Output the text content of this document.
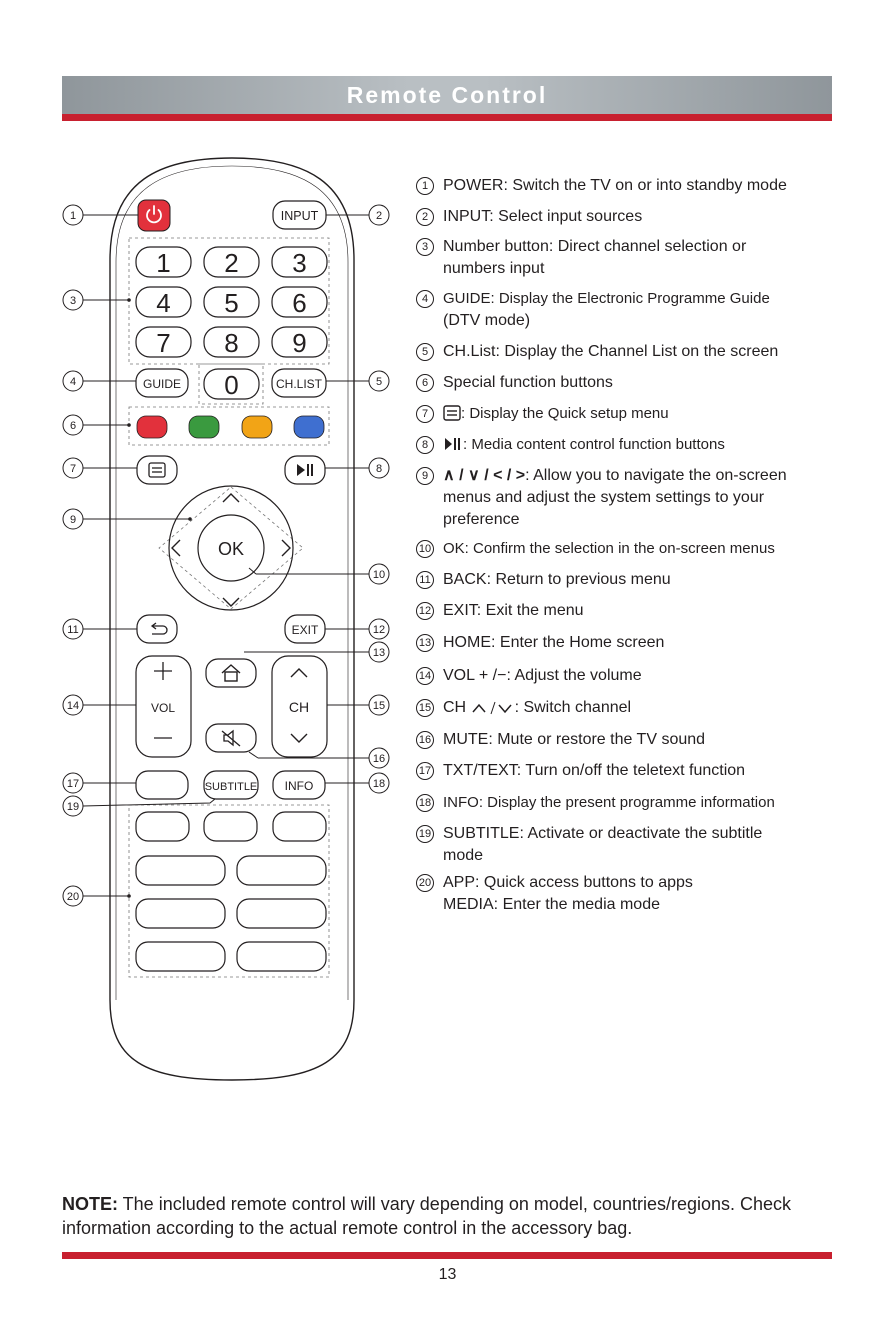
Remote Control
INPUT
1 2 3
4 5 6
7 8 9
0
GUIDE	CH.LIST
OK
EXIT
VOL	CH
SUBTITLE INFO
1	2
3
4	5
6
7	8
9
10
11	12
13
14	15
16
17	18
19
20
1 POWER: Switch the TV on or into standby mode
2 INPUT: Select input sources
3 Number button: Direct channel selection or
numbers input
4 GUIDE: Display the Electronic Programme Guide
(DTV mode)
5 CH.List: Display the Channel List on the screen
6 Special function buttons
7	: Display the Quick setup menu
8	: Media content control function buttons
9 ∧ / ∨ / < / >: Allow you to navigate the on-screen
menus and adjust the system settings to your
preference
10 OK: Confirm the selection in the on-screen menus
11 BACK: Return to previous menu
12 EXIT: Exit the menu
13 HOME: Enter the Home screen
14 VOL + /−: Adjust the volume
15 CH	: Switch channel
16 MUTE: Mute or restore the TV sound
17 TXT/TEXT: Turn on/off the teletext function
18 INFO: Display the present programme information
19 SUBTITLE: Activate or deactivate the subtitle
mode
20 APP: Quick access buttons to apps
MEDIA: Enter the media mode
NOTE: The included remote control will vary depending on model, countries/regions. Check information according to the actual remote control in the accessory bag.
13
